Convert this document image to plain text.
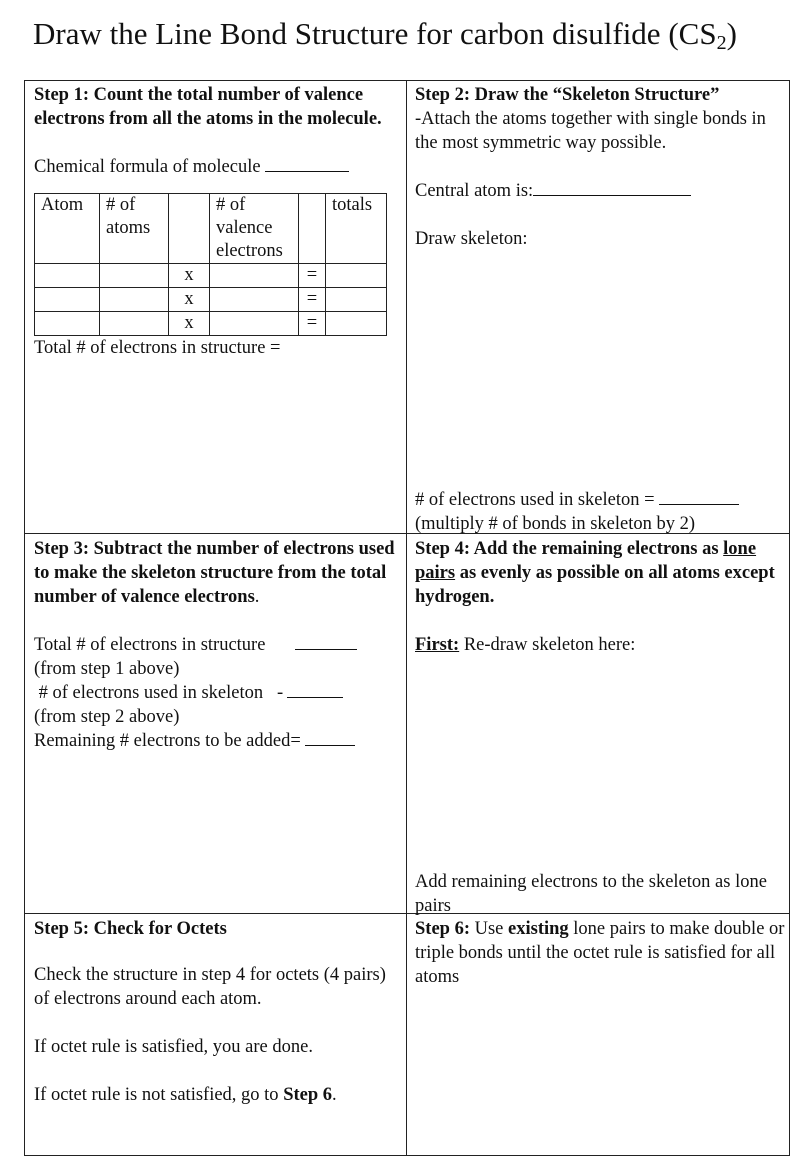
Draw the Line Bond Structure for carbon disulfide $(CS_2)$

Step 1: Count the total number of valence electrons from all the atoms in the molecule.

Chemical formula of molecule

Atom	# of atoms		# of valence electrons		totals
		x		=	
		x		=	
		x		=	

Total # of electrons in structure =

Step 2: Draw the “Skeleton Structure”

-Attach the atoms together with single bonds in the most symmetric way possible.

Central atom is:

Draw skeleton:

# of electrons used in skeleton =

(multiply # of bonds in skeleton by 2)

Step 3: Subtract the number of electrons used to make the skeleton structure from the total number of valence electrons.

Total # of electrons in structure

(from step 1 above)

# of electrons used in skeleton -

(from step 2 above)

Remaining # electrons to be added=

Step 4: Add the remaining electrons as lone pairs as evenly as possible on all atoms except hydrogen.

First: Re-draw skeleton here:

Add remaining electrons to the skeleton as lone pairs

Step 5: Check for Octets

Check the structure in step 4 for octets (4 pairs) of electrons around each atom.

If octet rule is satisfied, you are done.

If octet rule is not satisfied, go to Step 6.

Step 6: Use existing lone pairs to make double or triple bonds until the octet rule is satisfied for all atoms
